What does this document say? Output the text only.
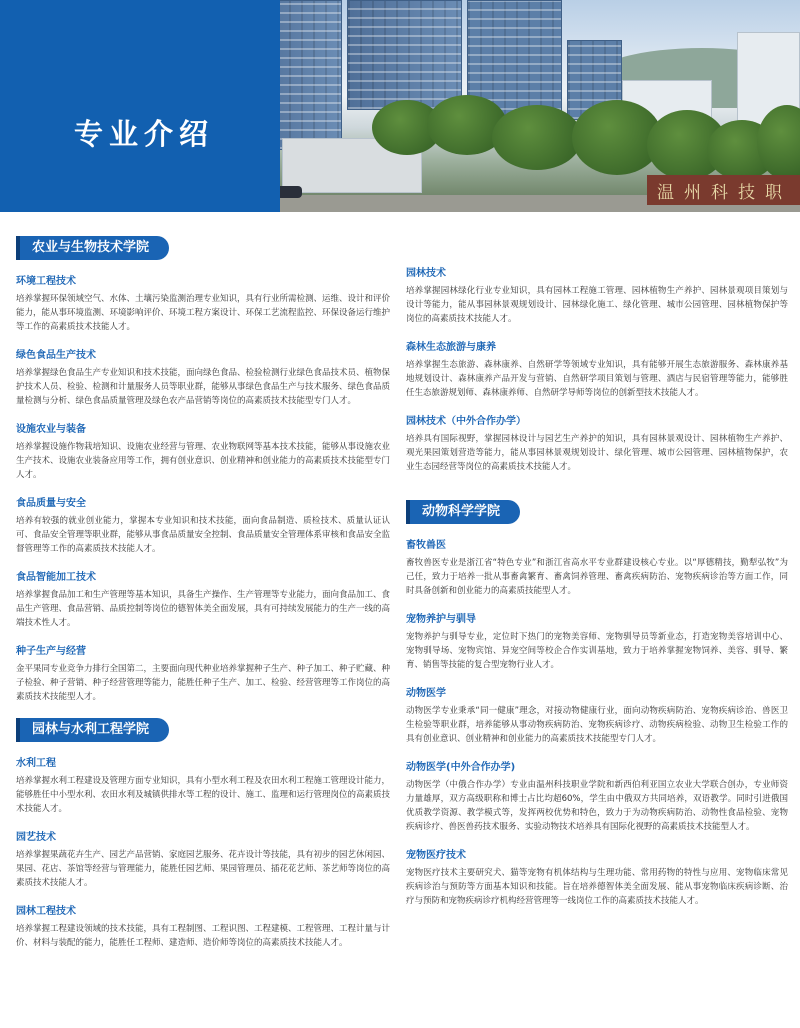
温州科技职
专业介绍
农业与生物技术学院
环境工程技术
培养掌握环保领域空气、水体、土壤污染监测治理专业知识，具有行业所需检测、运维、设计和评价能力，能从事环境监测、环境影响评价、环境工程方案设计、环保工艺流程监控、环保设备运行维护等工作的高素质技术技能人才。
绿色食品生产技术
培养掌握绿色食品生产专业知识和技术技能，面向绿色食品、检验检测行业绿色食品技术员、植物保护技术人员、检验、检测和计量服务人员等职业群，能够从事绿色食品生产与技术服务、绿色食品质量检测与分析、绿色食品质量管理及绿色农产品营销等岗位的高素质技术技能型专门人才。
设施农业与装备
培养掌握设施作物栽培知识、设施农业经营与管理、农业物联网等基本技术技能，能够从事设施农业生产技术、设施农业装备应用等工作，拥有创业意识、创业精神和创业能力的高素质技术技能型专门人才。
食品质量与安全
培养有较强的就业创业能力，掌握本专业知识和技术技能，面向食品制造、质检技术、质量认证认可、食品安全管理等职业群，能够从事食品质量安全控制、食品质量安全管理体系审核和食品安全监督管理等工作的高素质技术技能人才。
食品智能加工技术
培养掌握食品加工和生产管理等基本知识，具备生产操作、生产管理等专业能力，面向食品加工、食品生产管理、食品营销、品质控制等岗位的德智体美全面发展，具有可持续发展能力的生产一线的高端技术性人才。
种子生产与经营
金平果同专业竞争力排行全国第二，主要面向现代种业培养掌握种子生产、种子加工、种子贮藏、种子检验、种子营销、种子经营管理等能力，能胜任种子生产、加工、检验、经营管理等工作岗位的高素质技术技能型人才。
园林与水利工程学院
水利工程
培养掌握水利工程建设及管理方面专业知识，具有小型水利工程及农田水利工程施工管理设计能力，能够胜任中小型水利、农田水利及城镇供排水等工程的设计、施工、监理和运行管理岗位的高素质技术技能人才。
园艺技术
培养掌握果蔬花卉生产、园艺产品营销、家庭园艺服务、花卉设计等技能，具有初步的园艺休闲园、果园、花店、茶馆等经营与管理能力，能胜任园艺师、果园管理员、插花花艺师、茶艺师等岗位的高素质技术技能人才。
园林工程技术
培养掌握工程建设领域的技术技能，具有工程制图、工程识图、工程建模、工程管理、工程计量与计价、材料与装配的能力，能胜任工程师、建造师、造价师等岗位的高素质技术技能人才。
园林技术
培养掌握园林绿化行业专业知识，具有园林工程施工管理、园林植物生产养护、园林景观项目策划与设计等能力，能从事园林景观规划设计、园林绿化施工、绿化管理、城市公园管理、园林植物保护等岗位的高素质技术技能人才。
森林生态旅游与康养
培养掌握生态旅游、森林康养、自然研学等领域专业知识，具有能够开展生态旅游服务、森林康养基地规划设计、森林康养产品开发与营销、自然研学项目策划与管理、酒店与民宿管理等能力，能够胜任生态旅游规划师、森林康养师、自然研学导师等岗位的创新型技术技能人才。
园林技术（中外合作办学）
培养具有国际视野，掌握园林设计与园艺生产养护的知识，具有园林景观设计、园林植物生产养护、观光果园策划营造等能力，能从事园林景观规划设计、绿化管理、城市公园管理、园林植物保护，农业生态园经营等岗位的高素质技术技能人才。
动物科学学院
畜牧兽医
畜牧兽医专业是浙江省“特色专业”和浙江省高水平专业群建设核心专业。以“厚德精技，勤犁弘牧”为己任，致力于培养一批从事畜禽繁育、畜禽饲养管理、畜禽疾病防治、宠物疾病诊治等方面工作，同时具备创新和创业能力的高素质技能型人才。
宠物养护与驯导
宠物养护与驯导专业，定位时下热门的宠物美容师、宠物驯导员等新业态，打造宠物美容培训中心、宠物驯导场、宠物宾馆、异宠空间等校企合作实训基地，致力于培养掌握宠物饲养、美容、驯导、繁育、销售等技能的复合型宠物行业人才。
动物医学
动物医学专业秉承“同一健康”理念，对接动物健康行业，面向动物疾病防治、宠物疾病诊治、兽医卫生检验等职业群，培养能够从事动物疾病防治、宠物疾病诊疗、动物疾病检验、动物卫生检验工作的具有创业意识、创业精神和创业能力的高素质技术技能型专门人才。
动物医学(中外合作办学)
动物医学（中俄合作办学）专业由温州科技职业学院和新西伯利亚国立农业大学联合创办，专业师资力量雄厚，双方高级职称和博士占比均超60%，学生由中俄双方共同培养，双语教学。同时引进俄国优质教学资源、教学模式等，发挥两校优势和特色，致力于为动物疾病防治、动物性食品检验、宠物疾病诊疗、兽医兽药技术服务、实验动物技术培养具有国际化视野的高素质技术技能型人才。
宠物医疗技术
宠物医疗技术主要研究犬、猫等宠物有机体结构与生理功能、常用药物的特性与应用、宠物临床常见疾病诊治与预防等方面基本知识和技能。旨在培养德智体美全面发展、能从事宠物临床疾病诊断、治疗与预防和宠物疾病诊疗机构经营管理等一线岗位工作的高素质技术技能人才。
